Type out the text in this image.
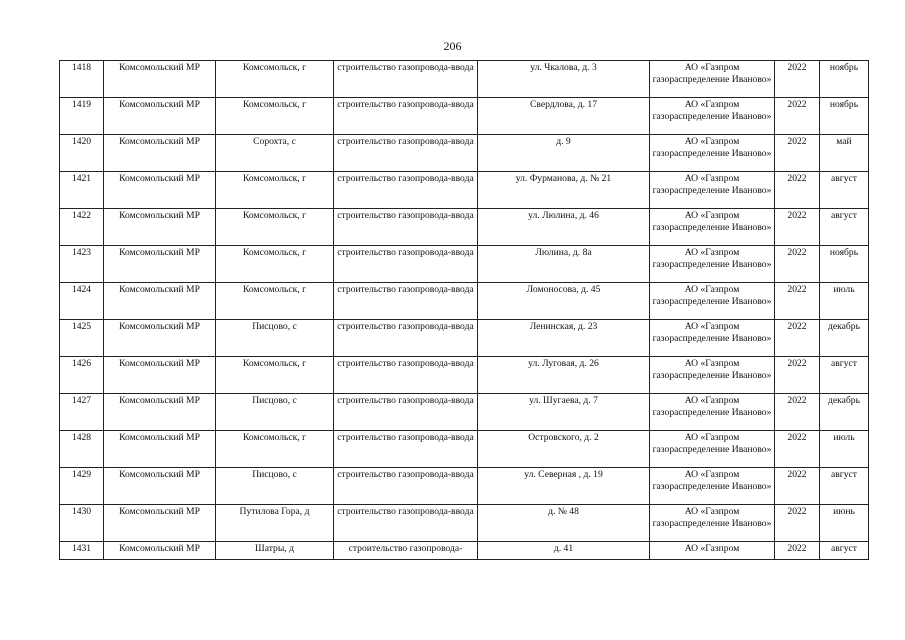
206
1418	Комсомольский МР	Комсомольск, г	строительство газопровода-ввода	ул. Чкалова, д. 3	АО «Газпром газораспределение Иваново»	2022	ноябрь
1419	Комсомольский МР	Комсомольск, г	строительство газопровода-ввода	Свердлова, д. 17	АО «Газпром газораспределение Иваново»	2022	ноябрь
1420	Комсомольский МР	Сорохта, с	строительство газопровода-ввода	д. 9	АО «Газпром газораспределение Иваново»	2022	май
1421	Комсомольский МР	Комсомольск, г	строительство газопровода-ввода	ул. Фурманова, д. № 21	АО «Газпром газораспределение Иваново»	2022	август
1422	Комсомольский МР	Комсомольск, г	строительство газопровода-ввода	ул. Люлина, д. 46	АО «Газпром газораспределение Иваново»	2022	август
1423	Комсомольский МР	Комсомольск, г	строительство газопровода-ввода	Люлина, д. 8а	АО «Газпром газораспределение Иваново»	2022	ноябрь
1424	Комсомольский МР	Комсомольск, г	строительство газопровода-ввода	Ломоносова, д. 45	АО «Газпром газораспределение Иваново»	2022	июль
1425	Комсомольский МР	Писцово, с	строительство газопровода-ввода	Ленинская, д. 23	АО «Газпром газораспределение Иваново»	2022	декабрь
1426	Комсомольский МР	Комсомольск, г	строительство газопровода-ввода	ул. Луговая, д. 26	АО «Газпром газораспределение Иваново»	2022	август
1427	Комсомольский МР	Писцово, с	строительство газопровода-ввода	ул. Шугаева, д. 7	АО «Газпром газораспределение Иваново»	2022	декабрь
1428	Комсомольский МР	Комсомольск, г	строительство газопровода-ввода	Островского, д. 2	АО «Газпром газораспределение Иваново»	2022	июль
1429	Комсомольский МР	Писцово, с	строительство газопровода-ввода	ул. Северная , д. 19	АО «Газпром газораспределение Иваново»	2022	август
1430	Комсомольский МР	Путилова Гора, д	строительство газопровода-ввода	д. № 48	АО «Газпром газораспределение Иваново»	2022	июнь
1431	Комсомольский МР	Шатры, д	строительство газопровода-	д. 41	АО «Газпром	2022	август
